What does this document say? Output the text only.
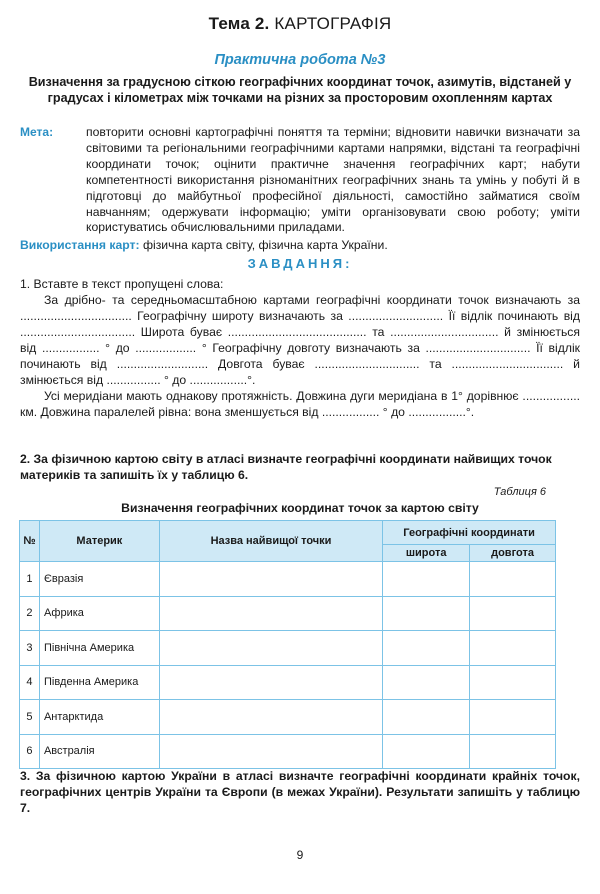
Тема 2. КАРТОГРАФІЯ
Практична робота №3
Визначення за градусною сіткою географічних координат точок, азимутів, відстаней у градусах і кілометрах між точками на різних за просторовим охопленням картах
Мета:	повторити основні картографічні поняття та терміни; відновити навички визначати за світовими та регіональними географічними картами напрямки, відстані та географічні координати точок; оцінити практичне значення географічних карт; набути компетентності використання різноманітних географічних знань та умінь у побуті й в підготовці до майбутньої професійної діяльності, самостійно займатися своїм навчанням; одержувати інформацію; уміти організовувати свою роботу; уміти користуватись обчислювальними приладами.
Використання карт: фізична карта світу, фізична карта України.
ЗАВДАННЯ:
1. Вставте в текст пропущені слова:
За дрібно- та середньомасштабною картами географічні координати точок визначають за ................................. Географічну широту визначають за ............................ Її відлік починають від .................................. Широта буває ......................................... та ................................ й змінюється від ................. ° до .................. ° Географічну довготу визначають за ............................... Її відлік починають від ........................... Довгота буває ............................... та ................................. й змінюється від ................ ° до .................°.
Усі меридіани мають однакову протяжність. Довжина дуги меридіана в 1° дорівнює ................. км. Довжина паралелей рівна: вона зменшується від ................. ° до .................°.
2. За фізичною картою світу в атласі визначте географічні координати найвищих точок материків та запишіть їх у таблицю 6.
Таблиця 6
Визначення географічних координат точок за картою світу
№	Материк	Назва найвищої точки	Географічні координати	
			широта	довгота
1	Євразія			
2	Африка			
3	Північна Америка			
4	Південна Америка			
5	Антарктида			
6	Австралія			
3. За фізичною картою України в атласі визначте географічні координати крайніх точок, географічних центрів України та Європи (в межах України). Результати запишіть у таблицю 7.
9
